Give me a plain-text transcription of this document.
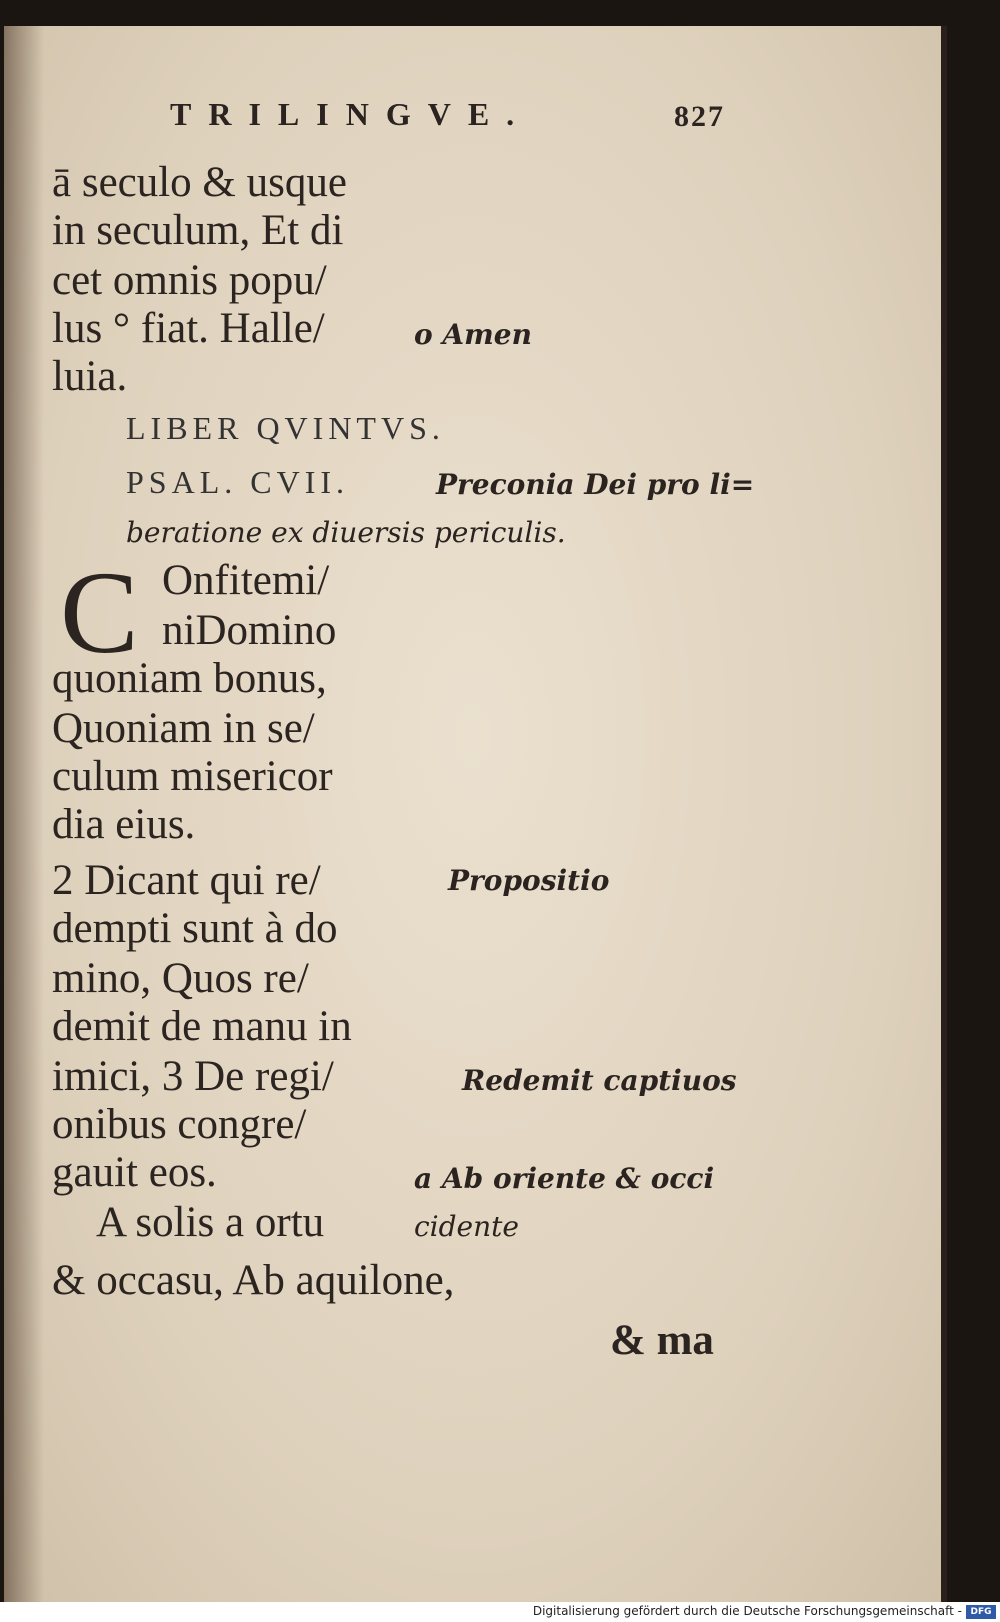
TRILINGVE.	827
ā seculo & usque
in seculum, Et di
cet omnis popu/
lus ° fiat. Halle/
luia.
o Amen
LIBER QVINTVS.
PSAL. CVII.	Preconia Dei pro li=
beratione ex diuersis periculis.
C Onfitemi/
niDomino
quoniam bonus,
Quoniam in se/
culum misericor
dia eius.
2 Dicant qui re/	Propositio
dempti sunt à do
mino, Quos re/
demit de manu in
imici, 3 De regi/	Redemit captiuos
onibus congre/
gauit eos.	a Ab oriente & occi
A solis a ortu	cidente
& occasu, Ab aquilone,
& ma
Digitalisierung gefördert durch die Deutsche Forschungsgemeinschaft - DFG
